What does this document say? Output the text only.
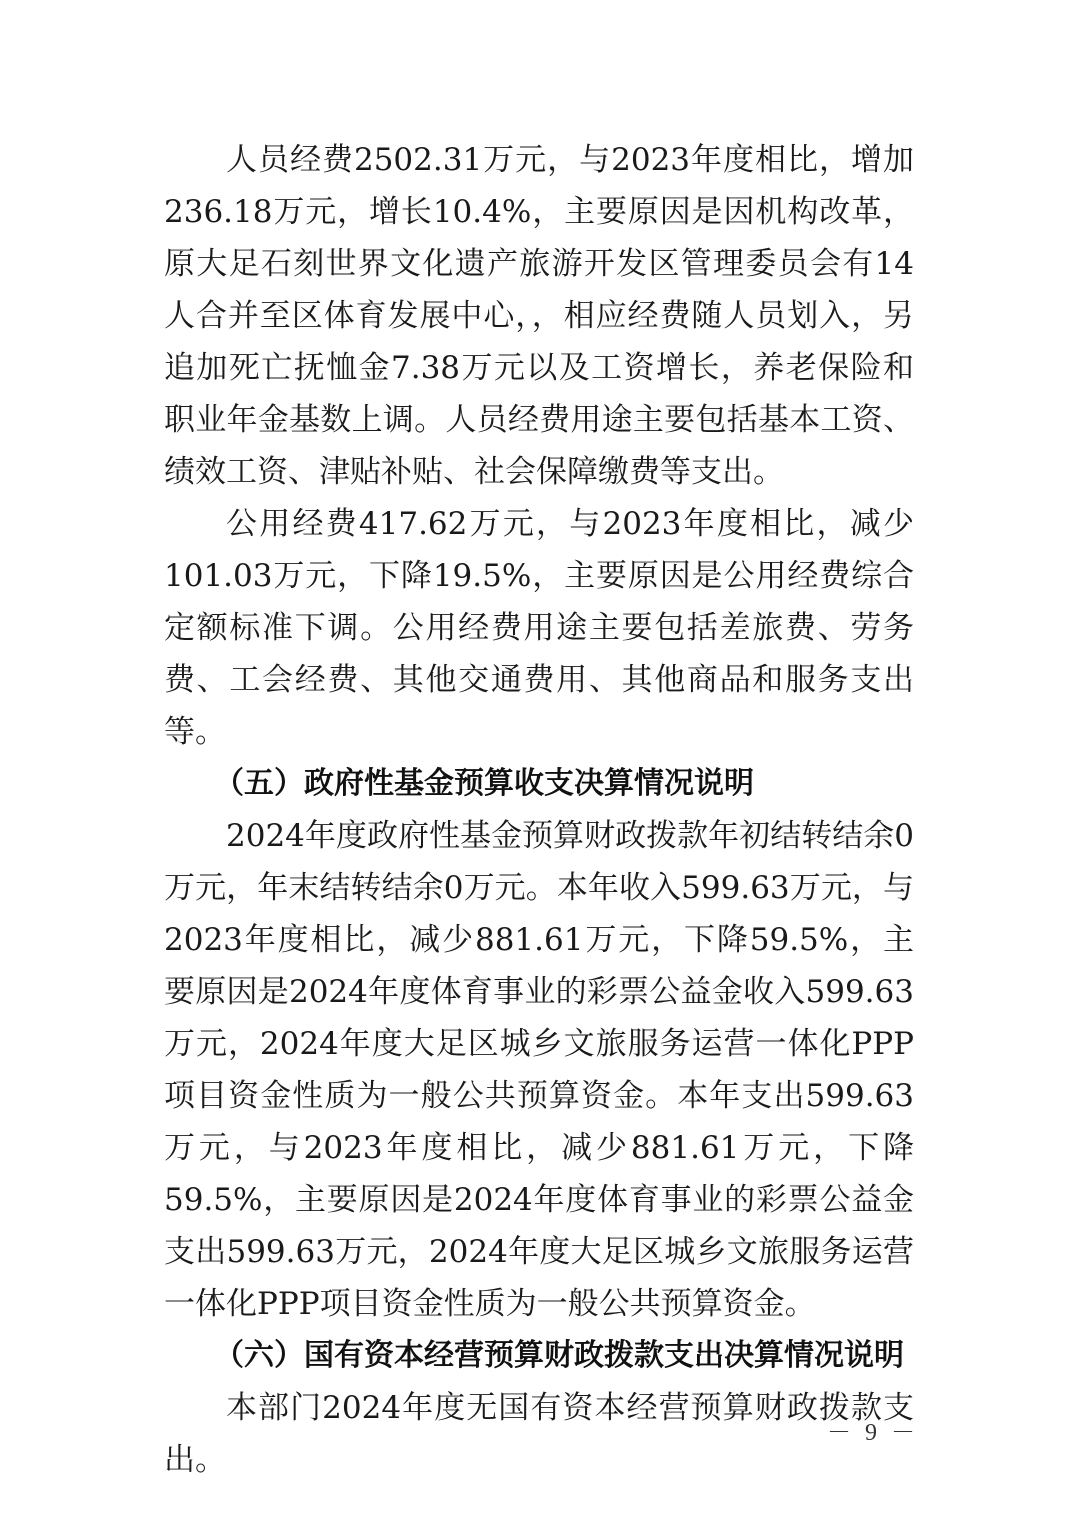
人员经费2502.31万元，与2023年度相比，增加236.18万元，增长10.4%，主要原因是因机构改革，原大足石刻世界文化遗产旅游开发区管理委员会有14人合并至区体育发展中心，，相应经费随人员划入，另追加死亡抚恤金7.38万元以及工资增长，养老保险和职业年金基数上调。人员经费用途主要包括基本工资、绩效工资、津贴补贴、社会保障缴费等支出。

公用经费417.62万元，与2023年度相比，减少101.03万元，下降19.5%，主要原因是公用经费综合定额标准下调。公用经费用途主要包括差旅费、劳务费、工会经费、其他交通费用、其他商品和服务支出等。

（五）政府性基金预算收支决算情况说明

2024年度政府性基金预算财政拨款年初结转结余0万元，年末结转结余0万元。本年收入599.63万元，与2023年度相比，减少881.61万元，下降59.5%，主要原因是2024年度体育事业的彩票公益金收入599.63万元，2024年度大足区城乡文旅服务运营一体化PPP项目资金性质为一般公共预算资金。本年支出599.63万元，与2023年度相比，减少881.61万元，下降59.5%，主要原因是2024年度体育事业的彩票公益金支出599.63万元，2024年度大足区城乡文旅服务运营一体化PPP项目资金性质为一般公共预算资金。

（六）国有资本经营预算财政拨款支出决算情况说明

本部门2024年度无国有资本经营预算财政拨款支出。

－ 9 －
